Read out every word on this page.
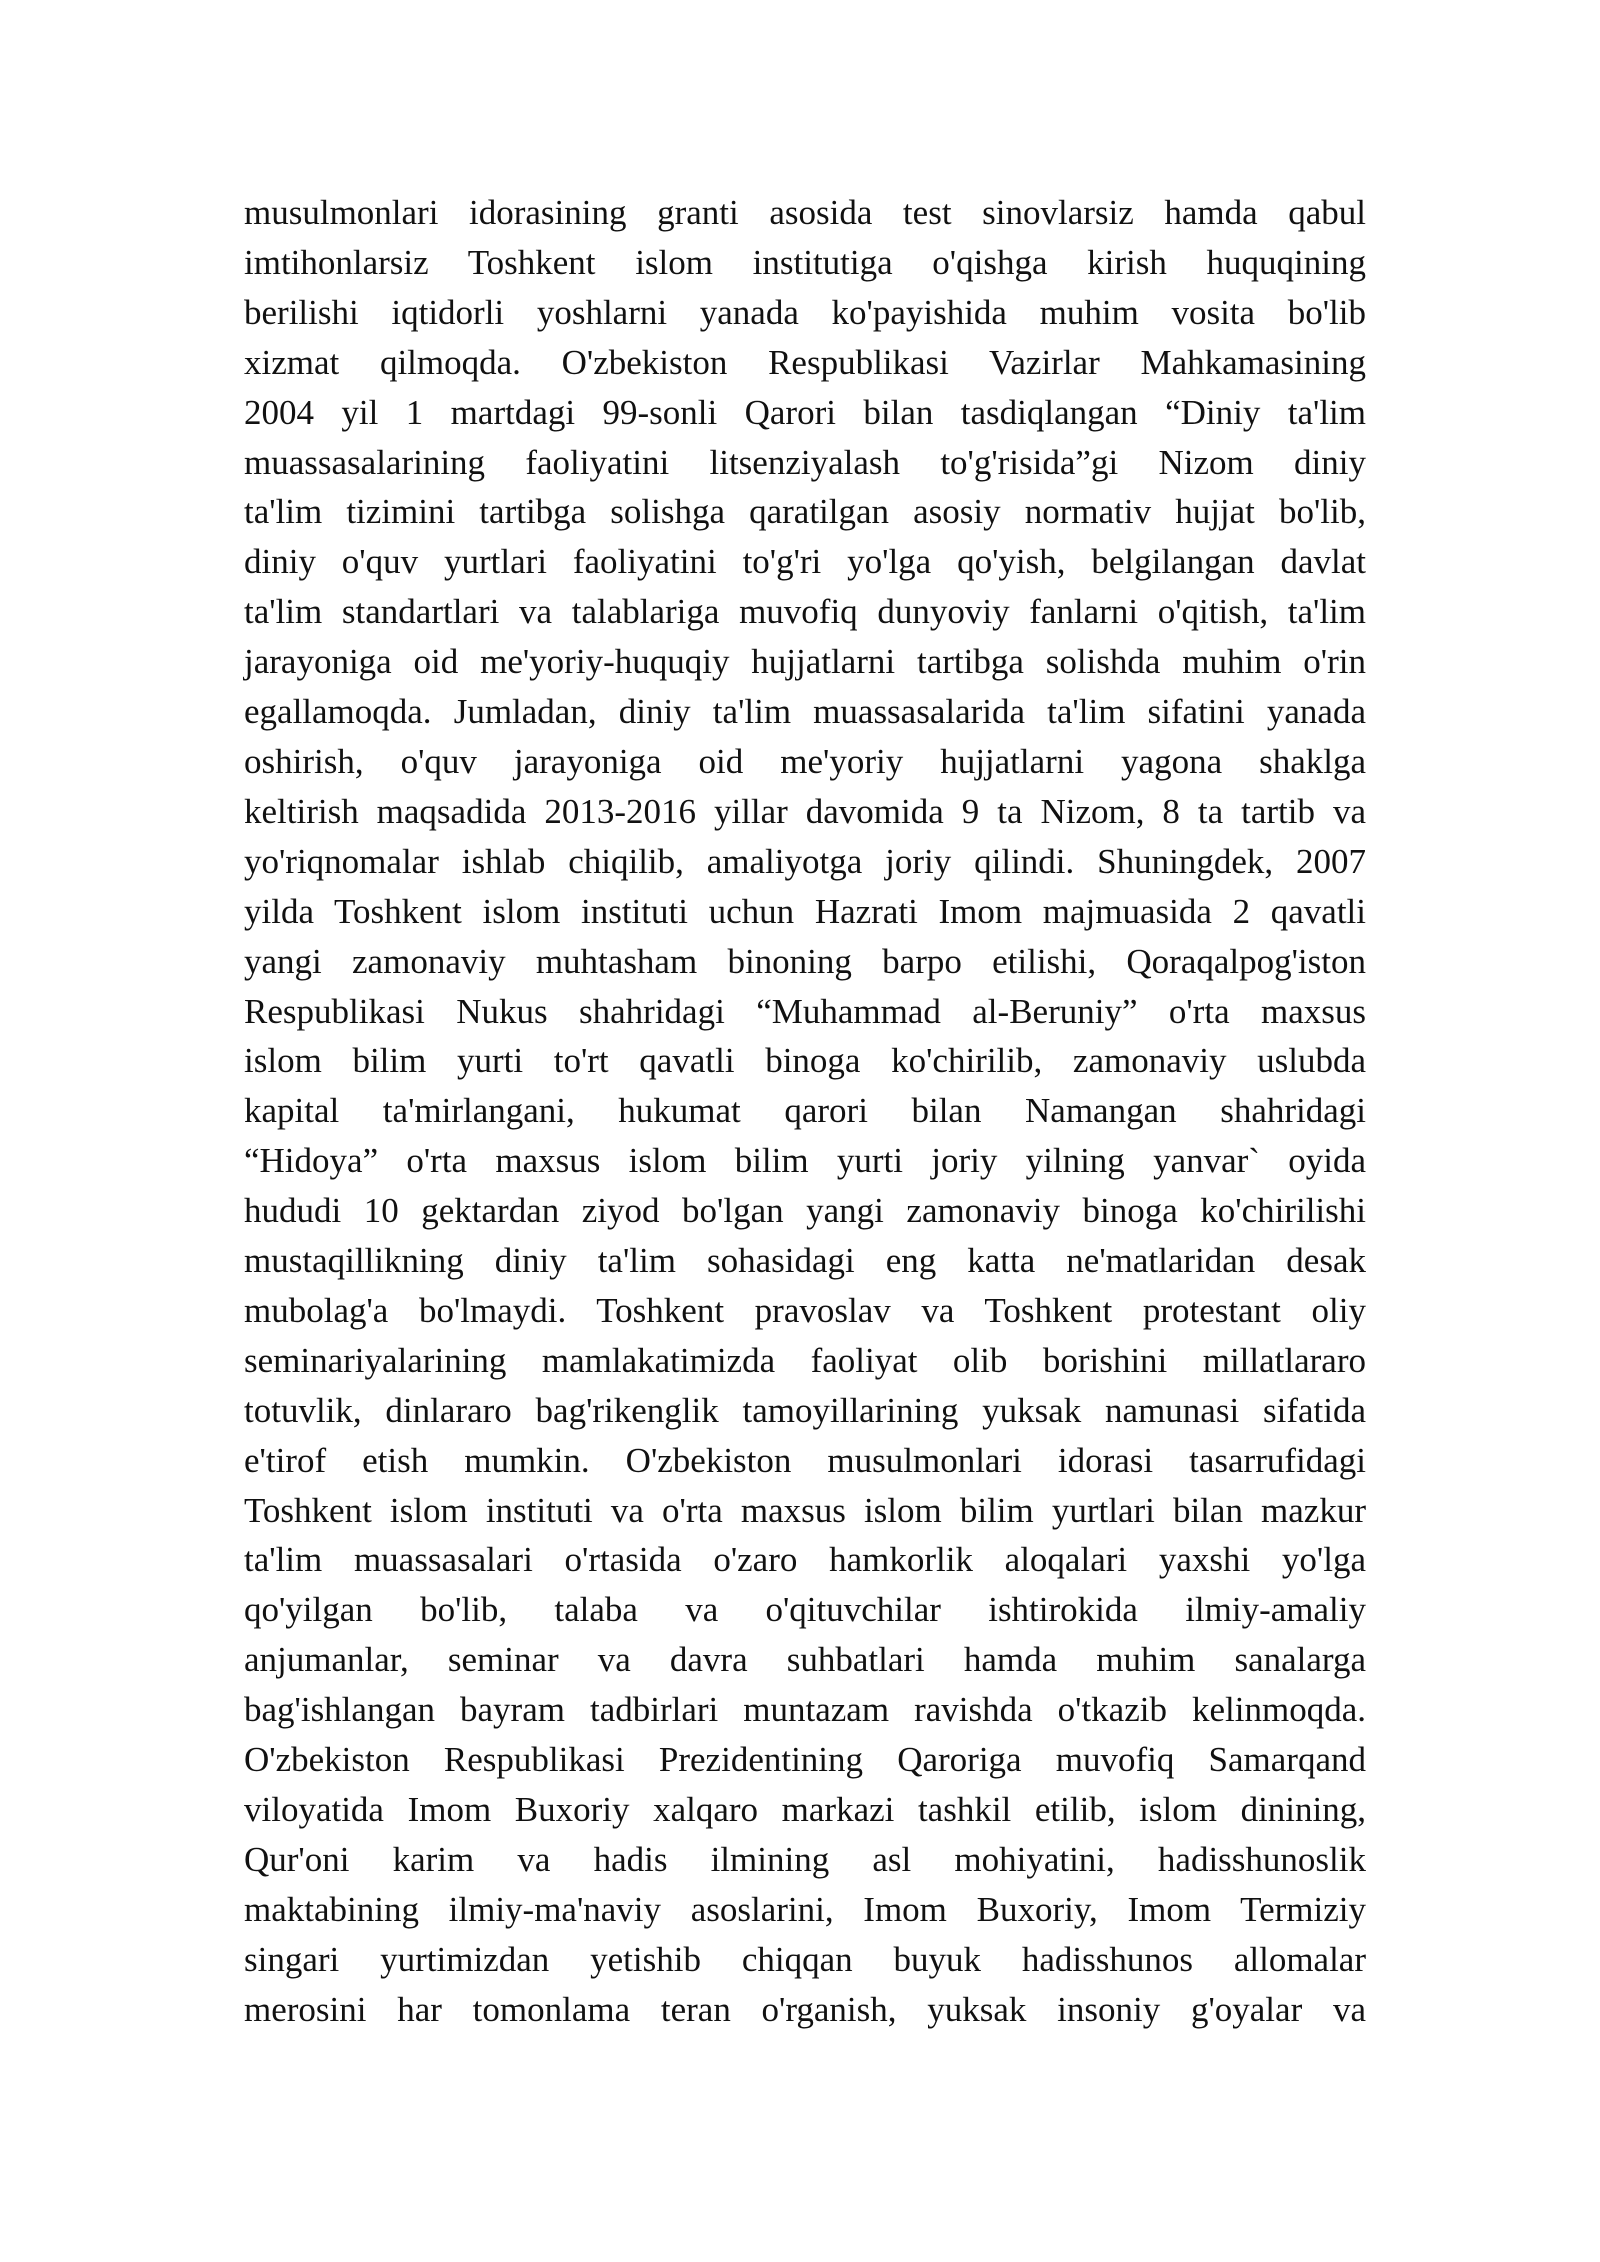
musulmonlari idorasining granti asosida test sinovlarsiz hamda qabul
imtihonlarsiz Toshkent islom institutiga o'qishga kirish huquqining
berilishi iqtidorli yoshlarni yanada ko'payishida muhim vosita bo'lib
xizmat qilmoqda. O'zbekiston Respublikasi Vazirlar Mahkamasining
2004 yil 1 martdagi 99-sonli Qarori bilan tasdiqlangan “Diniy ta'lim
muassasalarining faoliyatini litsenziyalash to'g'risida”gi Nizom diniy
ta'lim tizimini tartibga solishga qaratilgan asosiy normativ hujjat bo'lib,
diniy o'quv yurtlari faoliyatini to'g'ri yo'lga qo'yish, belgilangan davlat
ta'lim standartlari va talablariga muvofiq dunyoviy fanlarni o'qitish, ta'lim
jarayoniga oid me'yoriy-huquqiy hujjatlarni tartibga solishda muhim o'rin
egallamoqda. Jumladan, diniy ta'lim muassasalarida ta'lim sifatini yanada
oshirish, o'quv jarayoniga oid me'yoriy hujjatlarni yagona shaklga
keltirish maqsadida 2013-2016 yillar davomida 9 ta Nizom, 8 ta tartib va
yo'riqnomalar ishlab chiqilib, amaliyotga joriy qilindi. Shuningdek, 2007
yilda Toshkent islom instituti uchun Hazrati Imom majmuasida 2 qavatli
yangi zamonaviy muhtasham binoning barpo etilishi, Qoraqalpog'iston
Respublikasi Nukus shahridagi “Muhammad al-Beruniy” o'rta maxsus
islom bilim yurti to'rt qavatli binoga ko'chirilib, zamonaviy uslubda
kapital ta'mirlangani, hukumat qarori bilan Namangan shahridagi
“Hidoya” o'rta maxsus islom bilim yurti joriy yilning yanvar` oyida
hududi 10 gektardan ziyod bo'lgan yangi zamonaviy binoga ko'chirilishi
mustaqillikning diniy ta'lim sohasidagi eng katta ne'matlaridan desak
mubolag'a bo'lmaydi. Toshkent pravoslav va Toshkent protestant oliy
seminariyalarining mamlakatimizda faoliyat olib borishini millatlararo
totuvlik, dinlararo bag'rikenglik tamoyillarining yuksak namunasi sifatida
e'tirof etish mumkin. O'zbekiston musulmonlari idorasi tasarrufidagi
Toshkent islom instituti va o'rta maxsus islom bilim yurtlari bilan mazkur
ta'lim muassasalari o'rtasida o'zaro hamkorlik aloqalari yaxshi yo'lga
qo'yilgan bo'lib, talaba va o'qituvchilar ishtirokida ilmiy-amaliy
anjumanlar, seminar va davra suhbatlari hamda muhim sanalarga
bag'ishlangan bayram tadbirlari muntazam ravishda o'tkazib kelinmoqda.
O'zbekiston Respublikasi Prezidentining Qaroriga muvofiq Samarqand
viloyatida Imom Buxoriy xalqaro markazi tashkil etilib, islom dinining,
Qur'oni karim va hadis ilmining asl mohiyatini, hadisshunoslik
maktabining ilmiy-ma'naviy asoslarini, Imom Buxoriy, Imom Termiziy
singari yurtimizdan yetishib chiqqan buyuk hadisshunos allomalar
merosini har tomonlama teran o'rganish, yuksak insoniy g'oyalar va
